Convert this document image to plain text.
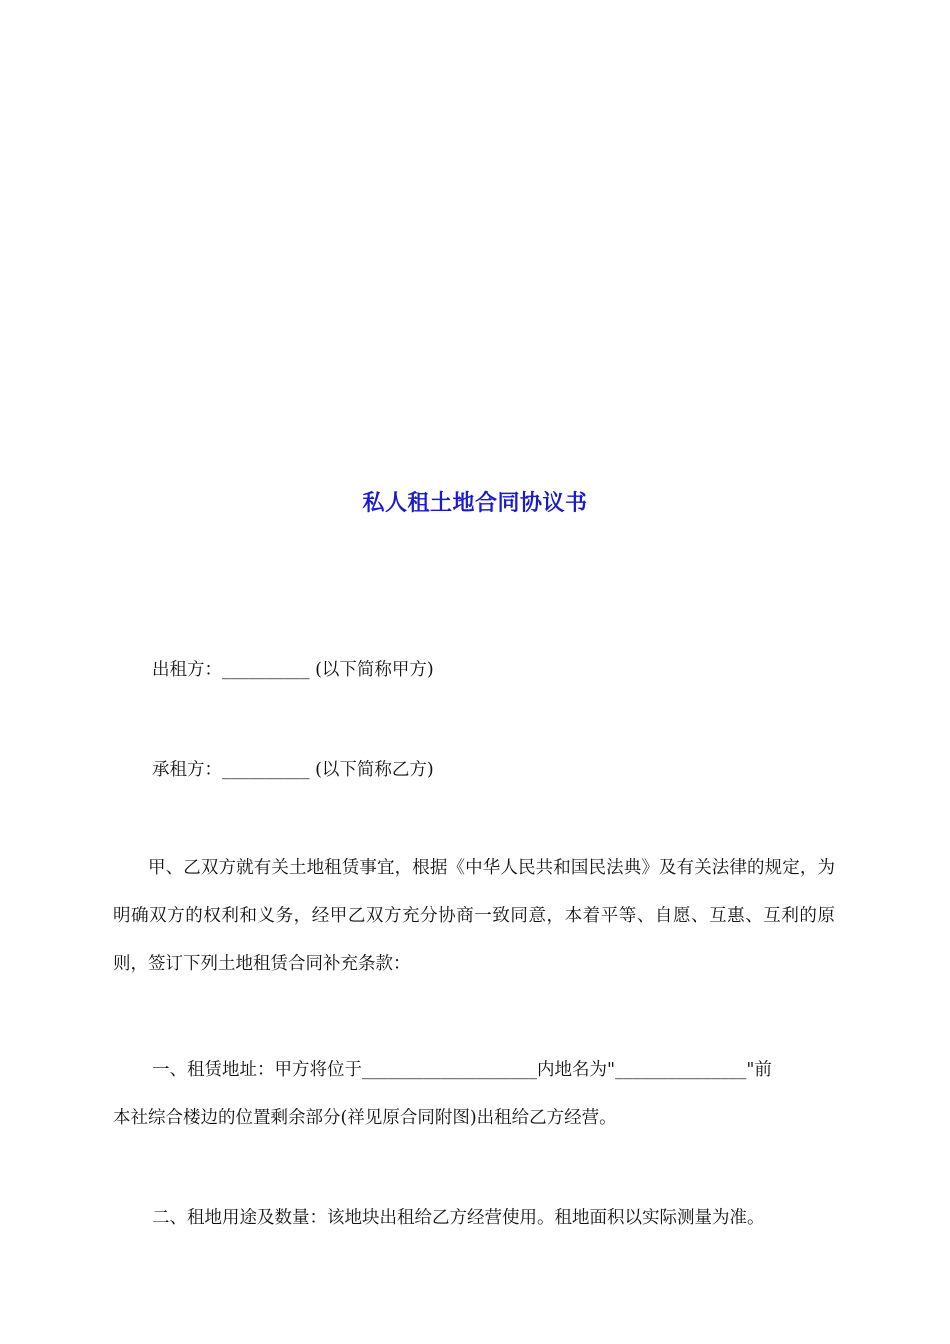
私人租土地合同协议书
出租方：__________ (以下简称甲方)
承租方：__________ (以下简称乙方)

甲、乙双方就有关土地租赁事宜，根据《中华人民共和国民法典》及有关法律的规定，为明确双方的权利和义务，经甲乙双方充分协商一致同意，本着平等、自愿、互惠、互利的原则，签订下列土地租赁合同补充条款：

一、租赁地址：甲方将位于____________________内地名为"_______________"前
本社综合楼边的位置剩余部分(祥见原合同附图)出租给乙方经营。
二、租地用途及数量：该地块出租给乙方经营使用。租地面积以实际测量为准。
